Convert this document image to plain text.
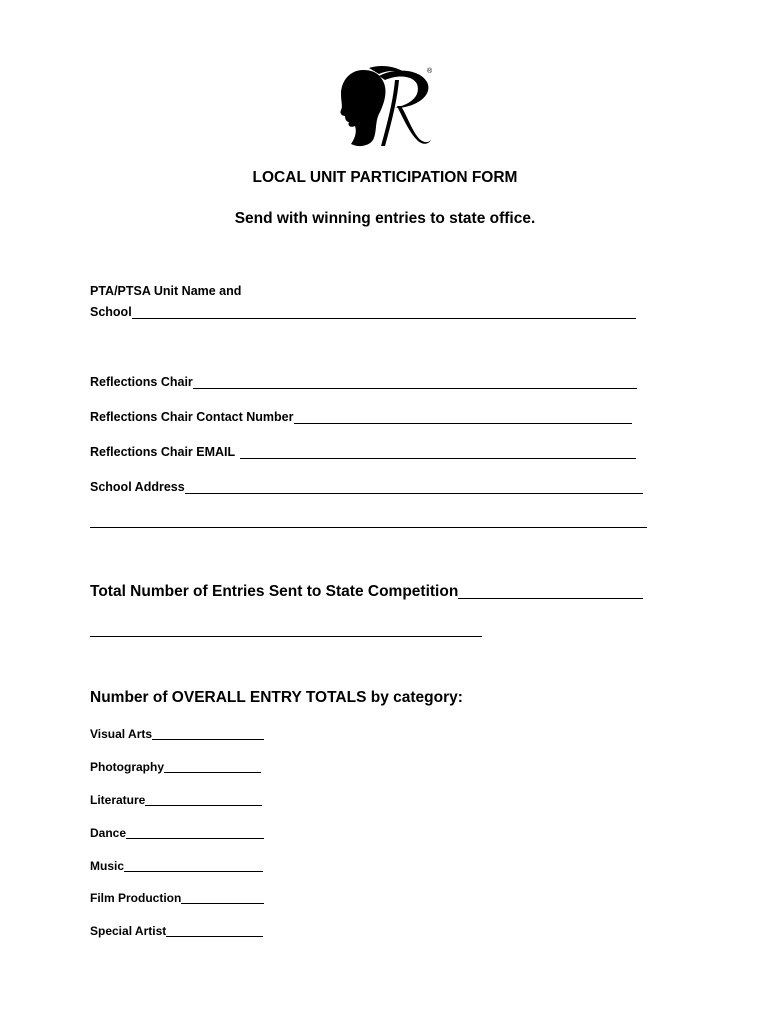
®
LOCAL UNIT PARTICIPATION FORM
Send with winning entries to state office.
PTA/PTSA Unit Name and
School
Reflections Chair
Reflections Chair Contact Number
Reflections Chair EMAIL
School Address
Total Number of Entries Sent to State Competition
Number of OVERALL ENTRY TOTALS by category:
Visual Arts
Photography
Literature
Dance
Music
Film Production
Special Artist
